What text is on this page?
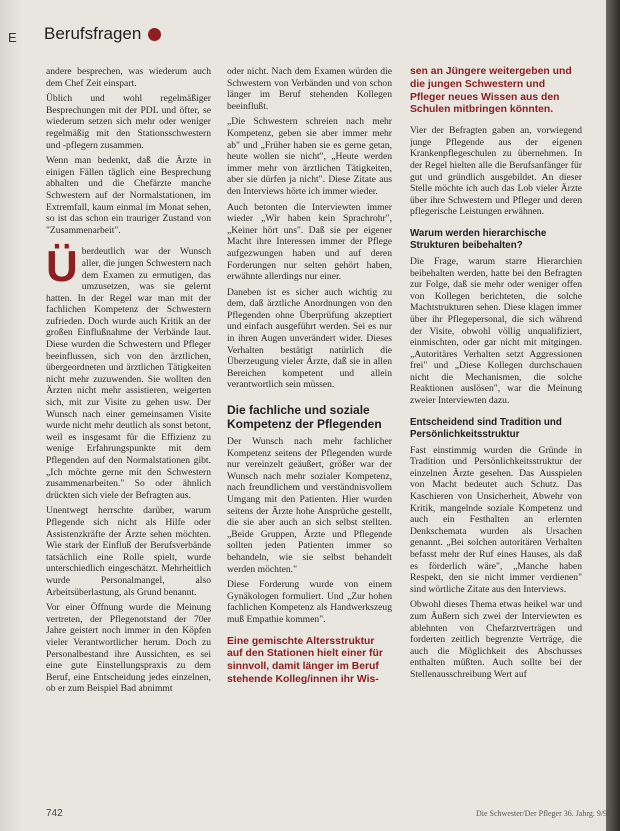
E Berufsfragen

andere besprechen, was wiederum auch dem Chef Zeit einspart.

Üblich und wohl regelmäßiger Besprechungen mit der PDL und öfter, se wiederum setzen sich mehr oder weniger regelmäßig mit den Stationsschwestern und -pflegern zusammen.

Wenn man bedenkt, daß die Ärzte in einigen Fällen täglich eine Besprechung abhalten und die Chefärzte manche Schwestern auf der Normalstationen, im Extremfall, kaum einmal im Monat sehen, so ist das schon ein trauriger Zustand von "Zusammenarbeit".

Überdeutlich war der Wunsch aller, die jungen Schwestern nach dem Examen zu ermutigen, das umzusetzen, was sie gelernt hatten. In der Regel war man mit der fachlichen Kompetenz der Schwestern zufrieden. Doch wurde auch Kritik an der großen Einflußnahme der Verbände laut. Diese wurden die Schwestern und Pfleger beeinflussen, sich von den ärztlichen, übergeordneten und ärztlichen Tätigkeiten nicht mehr zuzuwenden. Sie wollten den Ärzten nicht mehr assistieren, weigerten sich, mit zur Visite zu gehen usw. Der Wunsch nach einer gemeinsamen Visite wurde nicht mehr deutlich als sonst betont, weil es insgesamt für die Effizienz zu wenige Erfahrungspunkte mit dem Pflegenden auf den Normalstationen gibt. „Ich möchte gerne mit den Schwestern zusammenarbeiten." So oder ähnlich drückten sich viele der Befragten aus.

Unentwegt herrschte darüber, warum Pflegende sich nicht als Hilfe oder Assistenzkräfte der Ärzte sehen möchten. Wie stark der Einfluß der Berufsverbände tatsächlich eine Rolle spielt, wurde unterschiedlich eingeschätzt. Mehrheitlich wurde Personalmangel, also Arbeitsüberlastung, als Grund benannt.

Vor einer Öffnung wurde die Meinung vertreten, der Pflegenotstand der 70er Jahre geistert noch immer in den Köpfen vieler Verantwortlicher herum. Doch zu Personalbestand ihre Aussichten, es sei eine gute Einstellungspraxis zu dem Beruf, eine Entscheidung jedes einzelnen, ob er zum Beispiel Bad abnimmt

oder nicht. Nach dem Examen würden die Schwestern von Verbänden und von schon länger im Beruf stehenden Kollegen beeinflußt.

„Die Schwestern schreien nach mehr Kompetenz, geben sie aber immer mehr ab" und „Früher haben sie es gerne getan, heute wollen sie nicht", „Heute werden immer mehr von ärztlichen Tätigkeiten, aber sie dürfen ja nicht". Diese Zitate aus den Interviews hörte ich immer wieder.

Auch betonten die Interviewten immer wieder „Wir haben kein Sprachrohr", „Keiner hört uns". Daß sie per eigener Macht ihre Interessen immer der Pflege aufgezwungen haben und auf deren Forderungen nur selten gehört haben, erwähnte allerdings nur einer.

Daneben ist es sicher auch wichtig zu dem, daß ärztliche Anordnungen von den Pflegenden ohne Überprüfung akzeptiert und einfach ausgeführt werden. Sei es nur in ihren Augen unverändert wider. Dieses Verhalten bestätigt natürlich die Überzeugung vieler Ärzte, daß sie in allen Bereichen kompetent und allein verantwortlich sein müssen.

Die fachliche und soziale Kompetenz der Pflegenden

Der Wunsch nach mehr fachlicher Kompetenz seitens der Pflegenden wurde nur vereinzelt geäußert, größer war der Wunsch nach mehr sozialer Kompetenz, nach freundlichem und verständnisvollem Umgang mit den Patienten. Hier wurden seitens der Ärzte hohe Ansprüche gestellt, die sie aber auch an sich selbst stellten. „Beide Gruppen, Ärzte und Pflegende sollten jeden Patienten immer so behandeln, wie sie selbst behandelt werden möchten."

Diese Forderung wurde von einem Gynäkologen formuliert. Und „Zur hohen fachlichen Kompetenz als Handwerkszeug muß Empathie kommen".

Eine gemischte Altersstruktur auf den Stationen hielt einer für sinnvoll, damit länger im Beruf stehende Kolleg/innen ihr Wis-

sen an Jüngere weitergeben und die jungen Schwestern und Pfleger neues Wissen aus den Schulen mitbringen könnten.

Vier der Befragten gaben an, vorwiegend junge Pflegende aus der eigenen Krankenpflegeschulen zu übernehmen. In der Regel hielten alle die Berufsanfänger für gut und gründlich ausgebildet. An dieser Stelle möchte ich auch das Lob vieler Ärzte über ihre Schwestern und Pfleger und deren pflegerische Leistungen erwähnen.

Warum werden hierarchische Strukturen beibehalten?

Die Frage, warum starre Hierarchien beibehalten werden, hatte bei den Befragten zur Folge, daß sie mehr oder weniger offen von Kollegen berichteten, die solche Machtstrukturen sehen. Diese klagen immer über ihr Pflegepersonal, die sich während der Visite, obwohl völlig unqualifiziert, einmischten, oder gar nicht mit mitgingen. „Autoritäres Verhalten setzt Aggressionen frei" und „Diese Kollegen durchschauen nicht die Mechanismen, die solche Reaktionen auslösen", war die Meinung zweier Interviewten dazu.

Entscheidend sind Tradition und Persönlichkeitsstruktur

Fast einstimmig wurden die Gründe in Tradition und Persönlichkeitsstruktur der einzelnen Ärzte gesehen. Das Ausspielen von Macht bedeutet auch Schutz. Das Kaschieren von Unsicherheit, Abwehr von Kritik, mangelnde soziale Kompetenz und auch ein Festhalten an erlernten Denkschemata wurden als Ursachen genannt. „Bei solchen autoritären Verhalten befasst mehr der Ruf eines Hauses, als daß es förderlich wäre", „Manche haben Respekt, den sie nicht immer verdienen" sind wörtliche Zitate aus den Interviews.

Obwohl dieses Thema etwas heikel war und zum Äußern sich zwei der Interviewten es ablehnten von Chefarztverträgen und forderten zeitlich begrenzte Verträge, die auch die Möglichkeit des Abschusses enthalten müßten. Auch sollte bei der Stellenausschreibung Wert auf

742	Die Schwester/Der Pfleger 36. Jahrg. 9/97
